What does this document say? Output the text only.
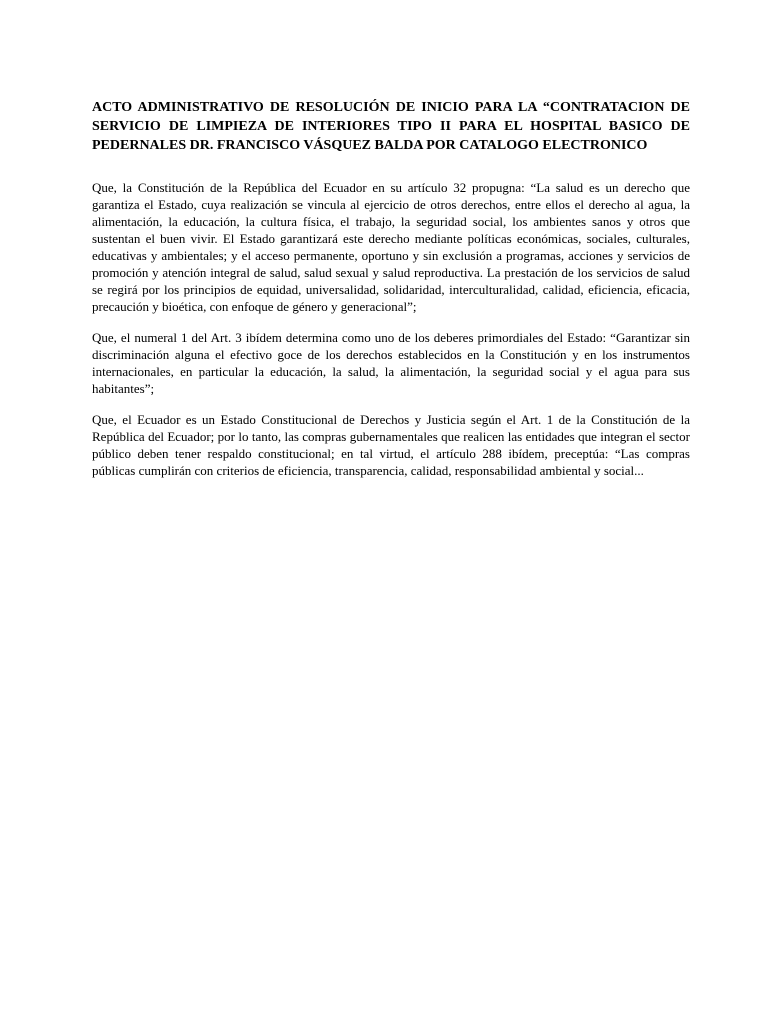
ACTO ADMINISTRATIVO DE RESOLUCIÓN DE INICIO PARA LA “CONTRATACION DE SERVICIO DE LIMPIEZA DE INTERIORES TIPO II PARA EL HOSPITAL BASICO DE PEDERNALES DR. FRANCISCO VÁSQUEZ BALDA POR CATALOGO ELECTRONICO

Que, la Constitución de la República del Ecuador en su artículo 32 propugna: “La salud es un derecho que garantiza el Estado, cuya realización se vincula al ejercicio de otros derechos, entre ellos el derecho al agua, la alimentación, la educación, la cultura física, el trabajo, la seguridad social, los ambientes sanos y otros que sustentan el buen vivir. El Estado garantizará este derecho mediante políticas económicas, sociales, culturales, educativas y ambientales; y el acceso permanente, oportuno y sin exclusión a programas, acciones y servicios de promoción y atención integral de salud, salud sexual y salud reproductiva. La prestación de los servicios de salud se regirá por los principios de equidad, universalidad, solidaridad, interculturalidad, calidad, eficiencia, eficacia, precaución y bioética, con enfoque de género y generacional”;

Que, el numeral 1 del Art. 3 ibídem determina como uno de los deberes primordiales del Estado: “Garantizar sin discriminación alguna el efectivo goce de los derechos establecidos en la Constitución y en los instrumentos internacionales, en particular la educación, la salud, la alimentación, la seguridad social y el agua para sus habitantes”;

Que, el Ecuador es un Estado Constitucional de Derechos y Justicia según el Art. 1 de la Constitución de la República del Ecuador; por lo tanto, las compras gubernamentales que realicen las entidades que integran el sector público deben tener respaldo constitucional; en tal virtud, el artículo 288 ibídem, preceptúa: “Las compras públicas cumplirán con criterios de eficiencia, transparencia, calidad, responsabilidad ambiental y social...
